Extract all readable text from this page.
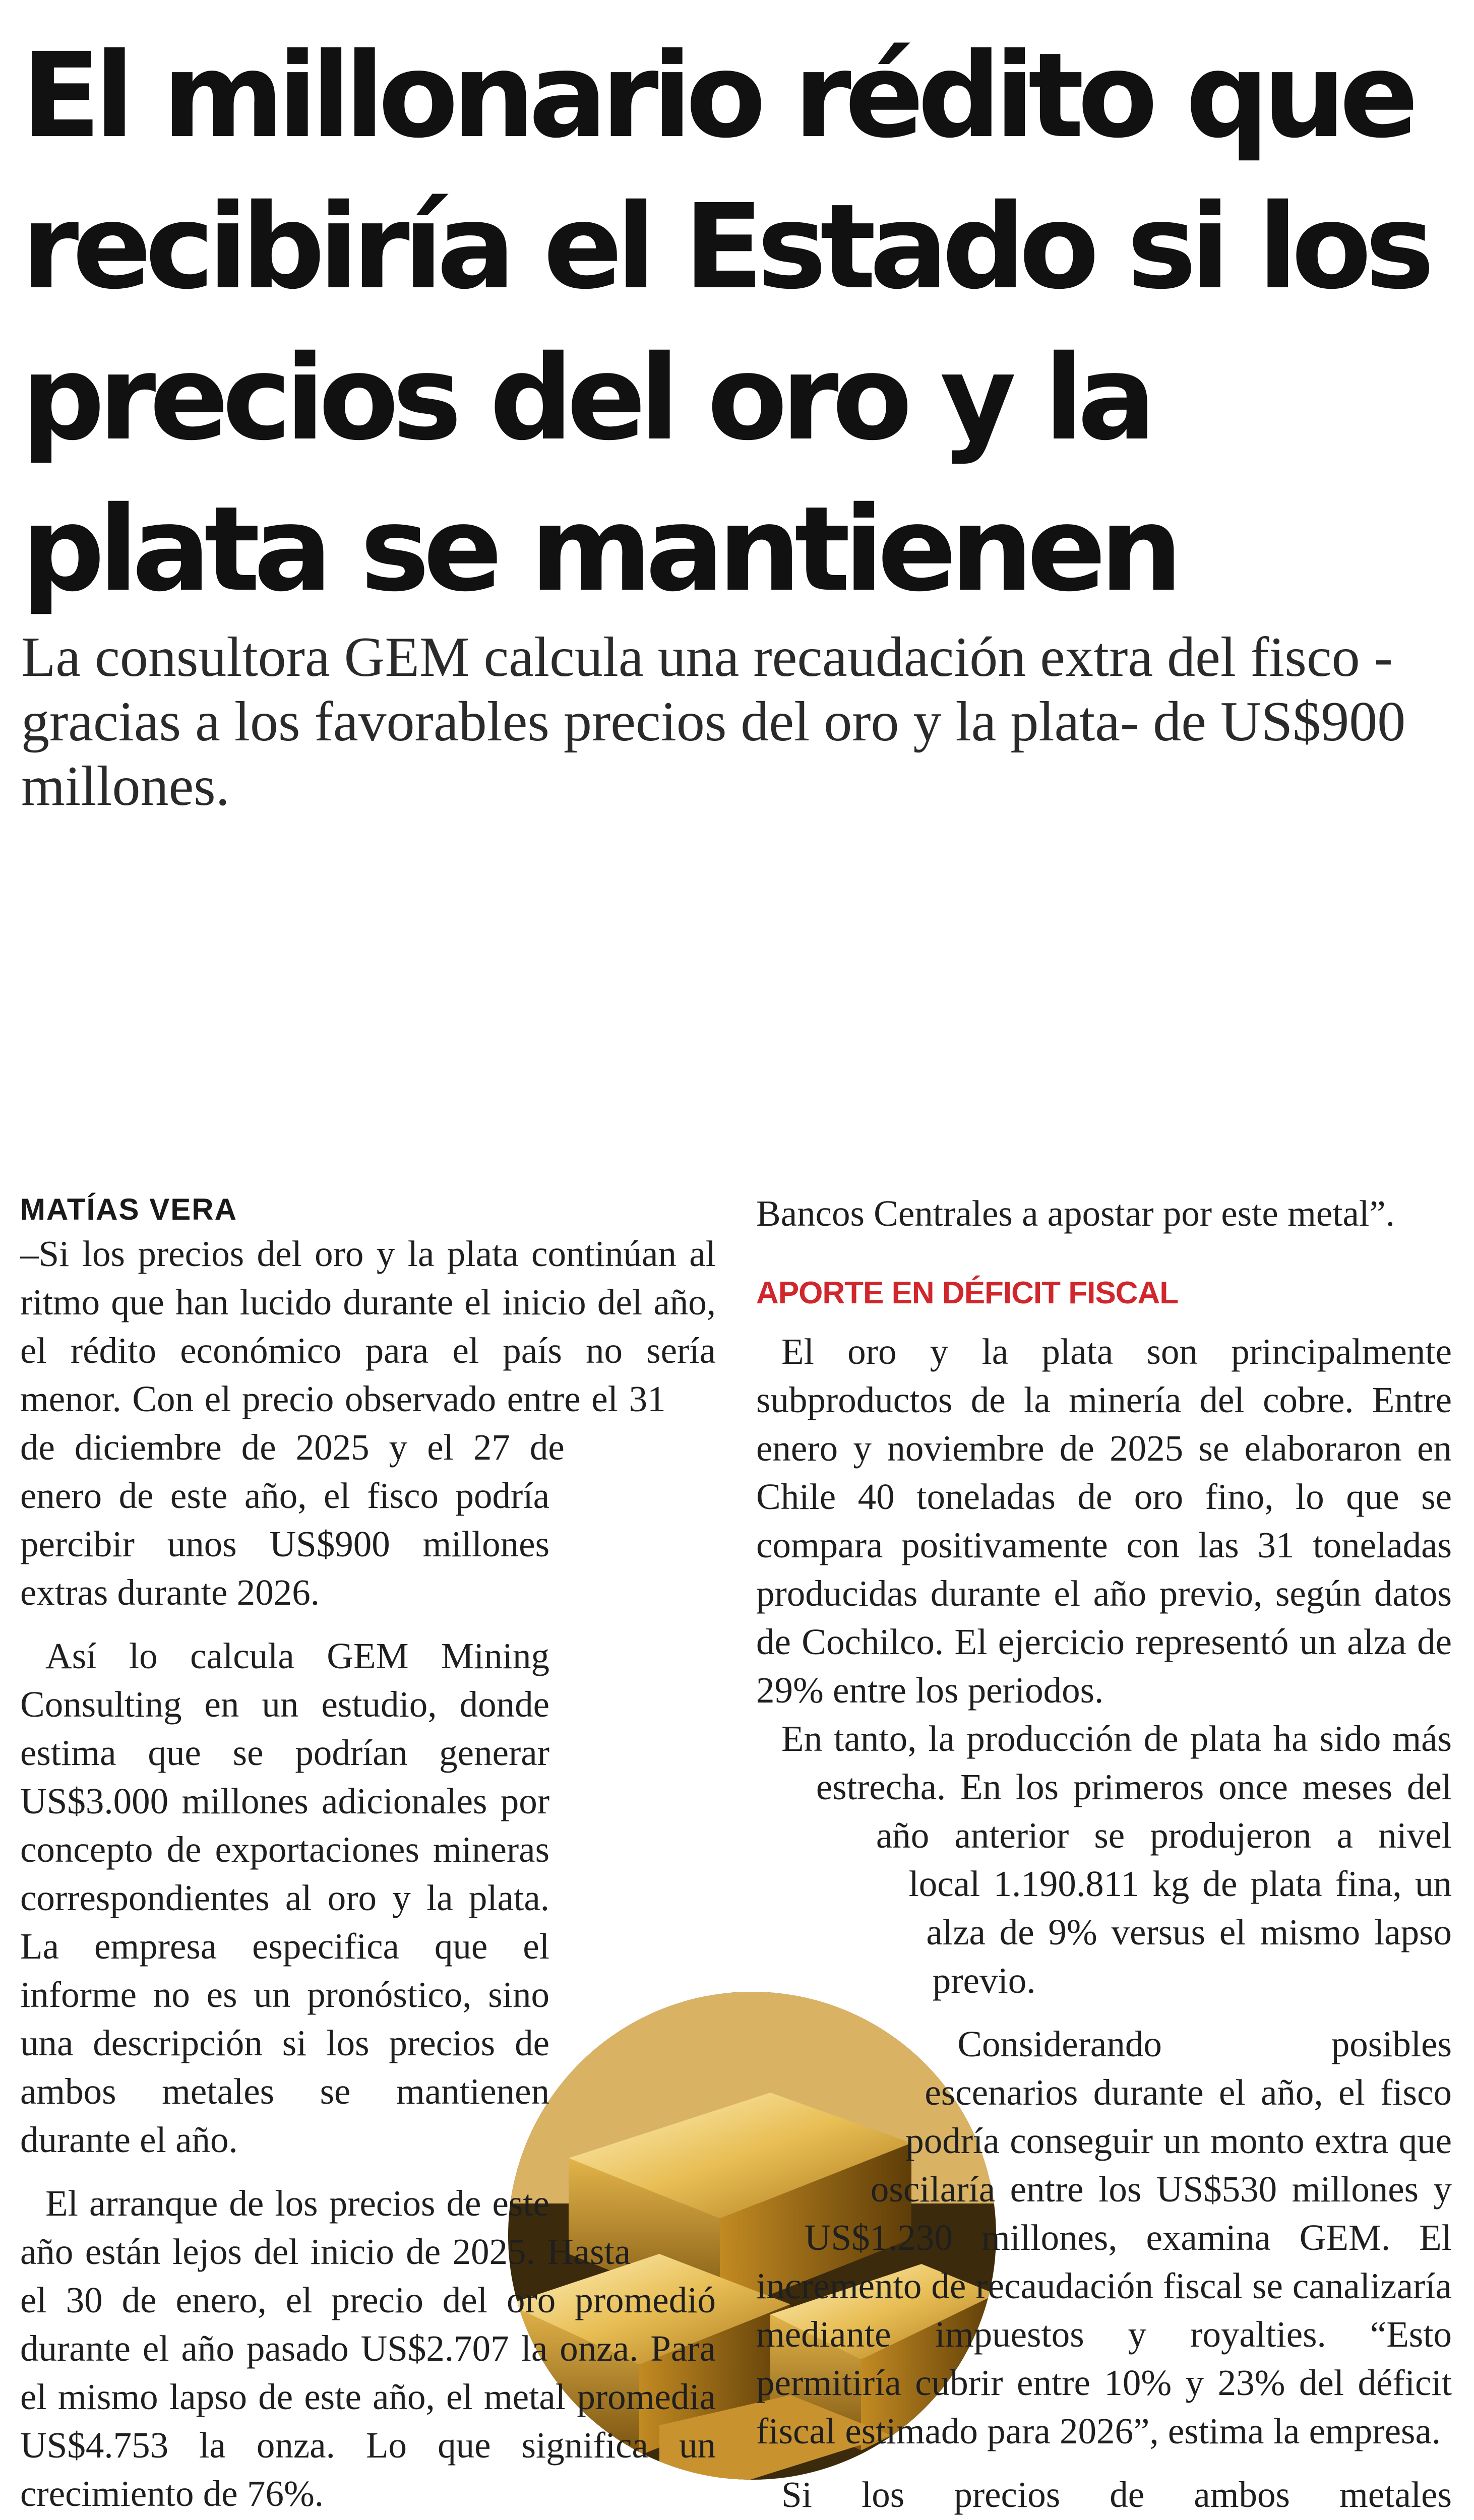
El millonario rédito que recibiría el Estado si los precios del oro y la plata se mantienen

La consultora GEM calcula una recaudación extra del fisco -gracias a los favorables precios del oro y la plata- de US$900 millones.

MATÍAS VERA

–Si los precios del oro y la plata continúan al ritmo que han lucido durante el inicio del año, el rédito económico para el país no sería menor. Con el precio observado entre el 31 de diciembre de 2025 y el 27 de enero de este año, el fisco podría percibir unos US$900 millones extras durante 2026.

Así lo calcula GEM Mining Consulting en un estudio, donde estima que se podrían generar US$3.000 millones adicionales por concepto de exportaciones mineras correspondientes al oro y la plata. La empresa especifica que el informe no es un pronóstico, sino una descripción si los precios de ambos metales se mantienen durante el año.

El arranque de los precios de este año están lejos del inicio de 2025. Hasta el 30 de enero, el precio del oro promedió durante el año pasado US$2.707 la onza. Para el mismo lapso de este año, el metal promedia US$4.753 la onza. Lo que significa un crecimiento de 76%.

Bancos Centrales a apostar por este metal”.

APORTE EN DÉFICIT FISCAL

El oro y la plata son principalmente subproductos de la minería del cobre. Entre enero y noviembre de 2025 se elaboraron en Chile 40 toneladas de oro fino, lo que se compara positivamente con las 31 toneladas producidas durante el año previo, según datos de Cochilco. El ejercicio representó un alza de 29% entre los periodos.

En tanto, la producción de plata ha sido más estrecha. En los primeros once meses del año anterior se produjeron a nivel local 1.190.811 kg de plata fina, un alza de 9% versus el mismo lapso previo.

Considerando posibles escenarios durante el año, el fisco podría conseguir un monto extra que oscilaría entre los US$530 millones y US$1.230 millones, examina GEM. El incremento de recaudación fiscal se canalizaría mediante impuestos y royalties. “Esto permitiría cubrir entre 10% y 23% del déficit fiscal estimado para 2026”, estima la empresa.

Si los precios de ambos metales
